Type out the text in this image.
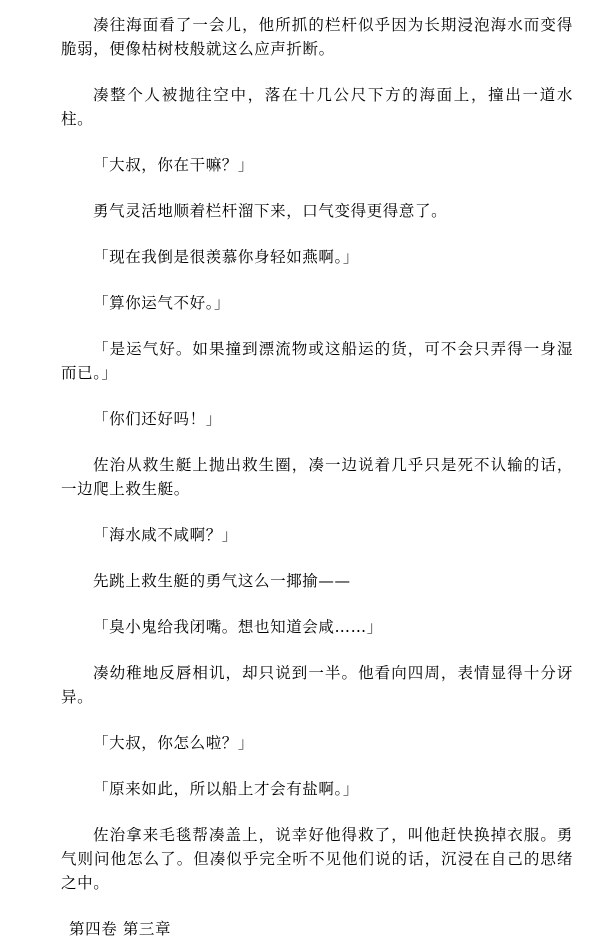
凑往海面看了一会儿，他所抓的栏杆似乎因为长期浸泡海水而变得脆弱，便像枯树枝般就这么应声折断。

凑整个人被抛往空中，落在十几公尺下方的海面上，撞出一道水柱。

「大叔，你在干嘛？」

勇气灵活地顺着栏杆溜下来，口气变得更得意了。

「现在我倒是很羡慕你身轻如燕啊。」

「算你运气不好。」

「是运气好。如果撞到漂流物或这船运的货，可不会只弄得一身湿而已。」

「你们还好吗！」

佐治从救生艇上抛出救生圈，凑一边说着几乎只是死不认输的话，一边爬上救生艇。

「海水咸不咸啊？」

先跳上救生艇的勇气这么一揶揄——

「臭小鬼给我闭嘴。想也知道会咸……」

凑幼稚地反唇相讥，却只说到一半。他看向四周，表情显得十分讶异。

「大叔，你怎么啦？」

「原来如此，所以船上才会有盐啊。」

佐治拿来毛毯帮凑盖上，说幸好他得救了，叫他赶快换掉衣服。勇气则问他怎么了。但凑似乎完全听不见他们说的话，沉浸在自己的思绪之中。

第四卷 第三章
